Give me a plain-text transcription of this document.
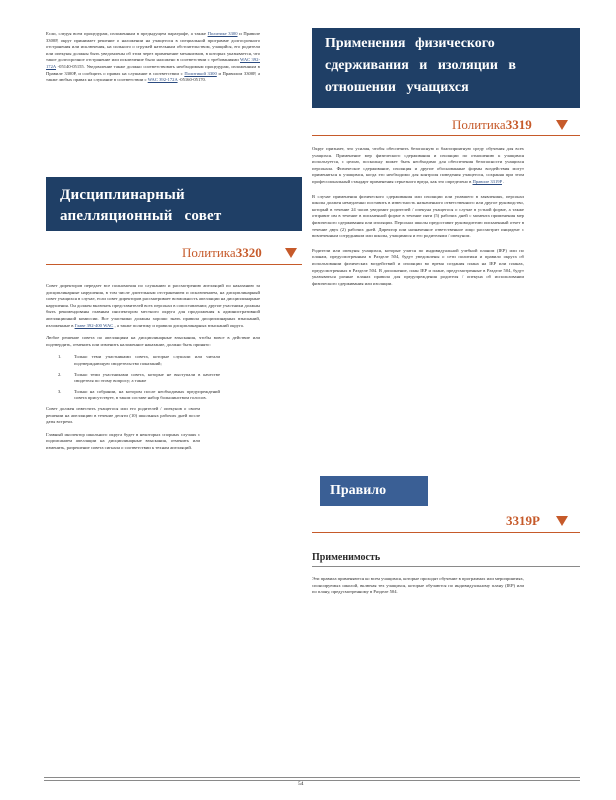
Если, следуя всем процедурам, изложенным в предыдущем параграфе, а также Политике 3300 и Правиле 3300Р, округ принимает решение о наложении на учащегося в специальной программе долгосрочного отстранения или исключения, на сильного о сгружей нательным обстоятельством, учащийся, его родители или опекуны должны быть уведомлены об этом через применение механизмов, в которых указывается, что такое долгосрочное отстранение или исключение было наложено в соответствии с требованиями WAC 392-172A -05140-05155. Уведомление также должно соответствовать необходимым процедурам, изложенным в Правиле 3300Р, и сообщить о правах на слушание в соответствии с Политикой 3300 и Правилом 3300Р, а также любых правах на слушание в соответствии с WAC 392-172A -05160-05170.

Дисциплинарный
апелляционный совет
Политика3320

Совет директоров передает все полномочия по слушанию и рассмотрению апелляций по наказанию за дисциплинарные нарушения, в том числе длительным отстранением и исключением, на дисциплинарный совет учащихся в случае, если совет директоров рассматривает возможность апелляции на дисциплинарные нарушения. Он должен включать представителей всех персонал в сопоставлении; другие участники должны быть рекомендованы главным инспектором местного округа для продолжения к административной апелляционной комиссии. Все участники должны хорошо знать правила дисциплинарных взысканий, изложенные в Главе 392-400 WAC , а также политику и правила дисциплинарных взысканий округа.

Любое решение совета по апелляциям на дисциплинарные взыскания, чтобы вовсе в действие или подтвердить, отменить или изменить наложенное наказание, должно быть принято:

1.	Только теми участниками совета, которые слушали или читали подтверждающую свидетельство показаний;

2.	Только теми участниками совета, которые не выступали в качестве свидетеля по этому вопросу; а также

3.	Только на собрании, на котором после необходимых предупреждений совета присутствует, в таком составе набор большинством голосов.

Совет должен известить учащегося или его родителей / опекунов о своем решении на апелляцию в течение десяти (10) школьных рабочих дней после даты встречи.

Главный инспектор школьного округа будет в некоторых спорных случаях с подписанием апелляции на дисциплинарные взыскания, отменить или изменить, разрешение совета сигнала о соответствии к технам апелляций.

Применения физического
сдерживания и изоляции в
отношении учащихся
Политика3319

Округ признает, что усилия, чтобы обеспечить безопасную и благоприятную среду обучения для всех учащихся. Применение мер физического сдерживания и изоляции по отношению к учащимся используется, с целью, поскольку может быть необходимо для обеспечения безопасности учащихся персонала. Физическое сдерживание, изоляция и другие обоснованные формы воздействия могут применяться к учащимся, когда это необходимо для контроля поведения учащегося, сохраняя при этом профессиональный стандарт применения серьезного вреда, как это определено в Правиле 3319P .

В случае применения физического сдерживания или изоляции или упавшего в заявлениях, персонал школы должен немедленно поставить в известность назначенного ответственного или другое руководство, который в течение 24 часов уведомит родителей / опекуна учащегося о случае в устной форме, а также отправит им в течение в письменной форме в течение пяти (5) рабочих дней с момента применения мер физического сдерживания или изоляции. Персонал школы предоставит руководителю письменный отчет в течение двух (2) рабочих дней. Директор или назначенное ответственное лицо рассмотрит инцидент с вовлеченным сотрудником или школы, учащимися и его родителями / опекуном.

Родители или опекуны учащихся, которые учатся по индивидуальной учебной планом (IEP) или по планам, предусмотренным в Разделе 504, будут уведомлены о сети политики и правило округа об использовании физических воздействий и изоляции во время создания плана на IEP или планах, предусмотренных в Разделе 504. В дополнение, план IEP и плане, предусмотренные в Разделе 504, будут указываться разные планах правила для предупреждения родителя / опекуна об использовании физического сдерживания или изоляции.

Правило
3319P
Применимость

Эти правила применяются ко всем учащимся, которые проходят обучение в программах или мероприятиях, спонсируемых школой, включая тех учащихся, которые обучаются по индивидуальному плану (IEP) или по плану, предусмотренному в Разделе 504.

54
